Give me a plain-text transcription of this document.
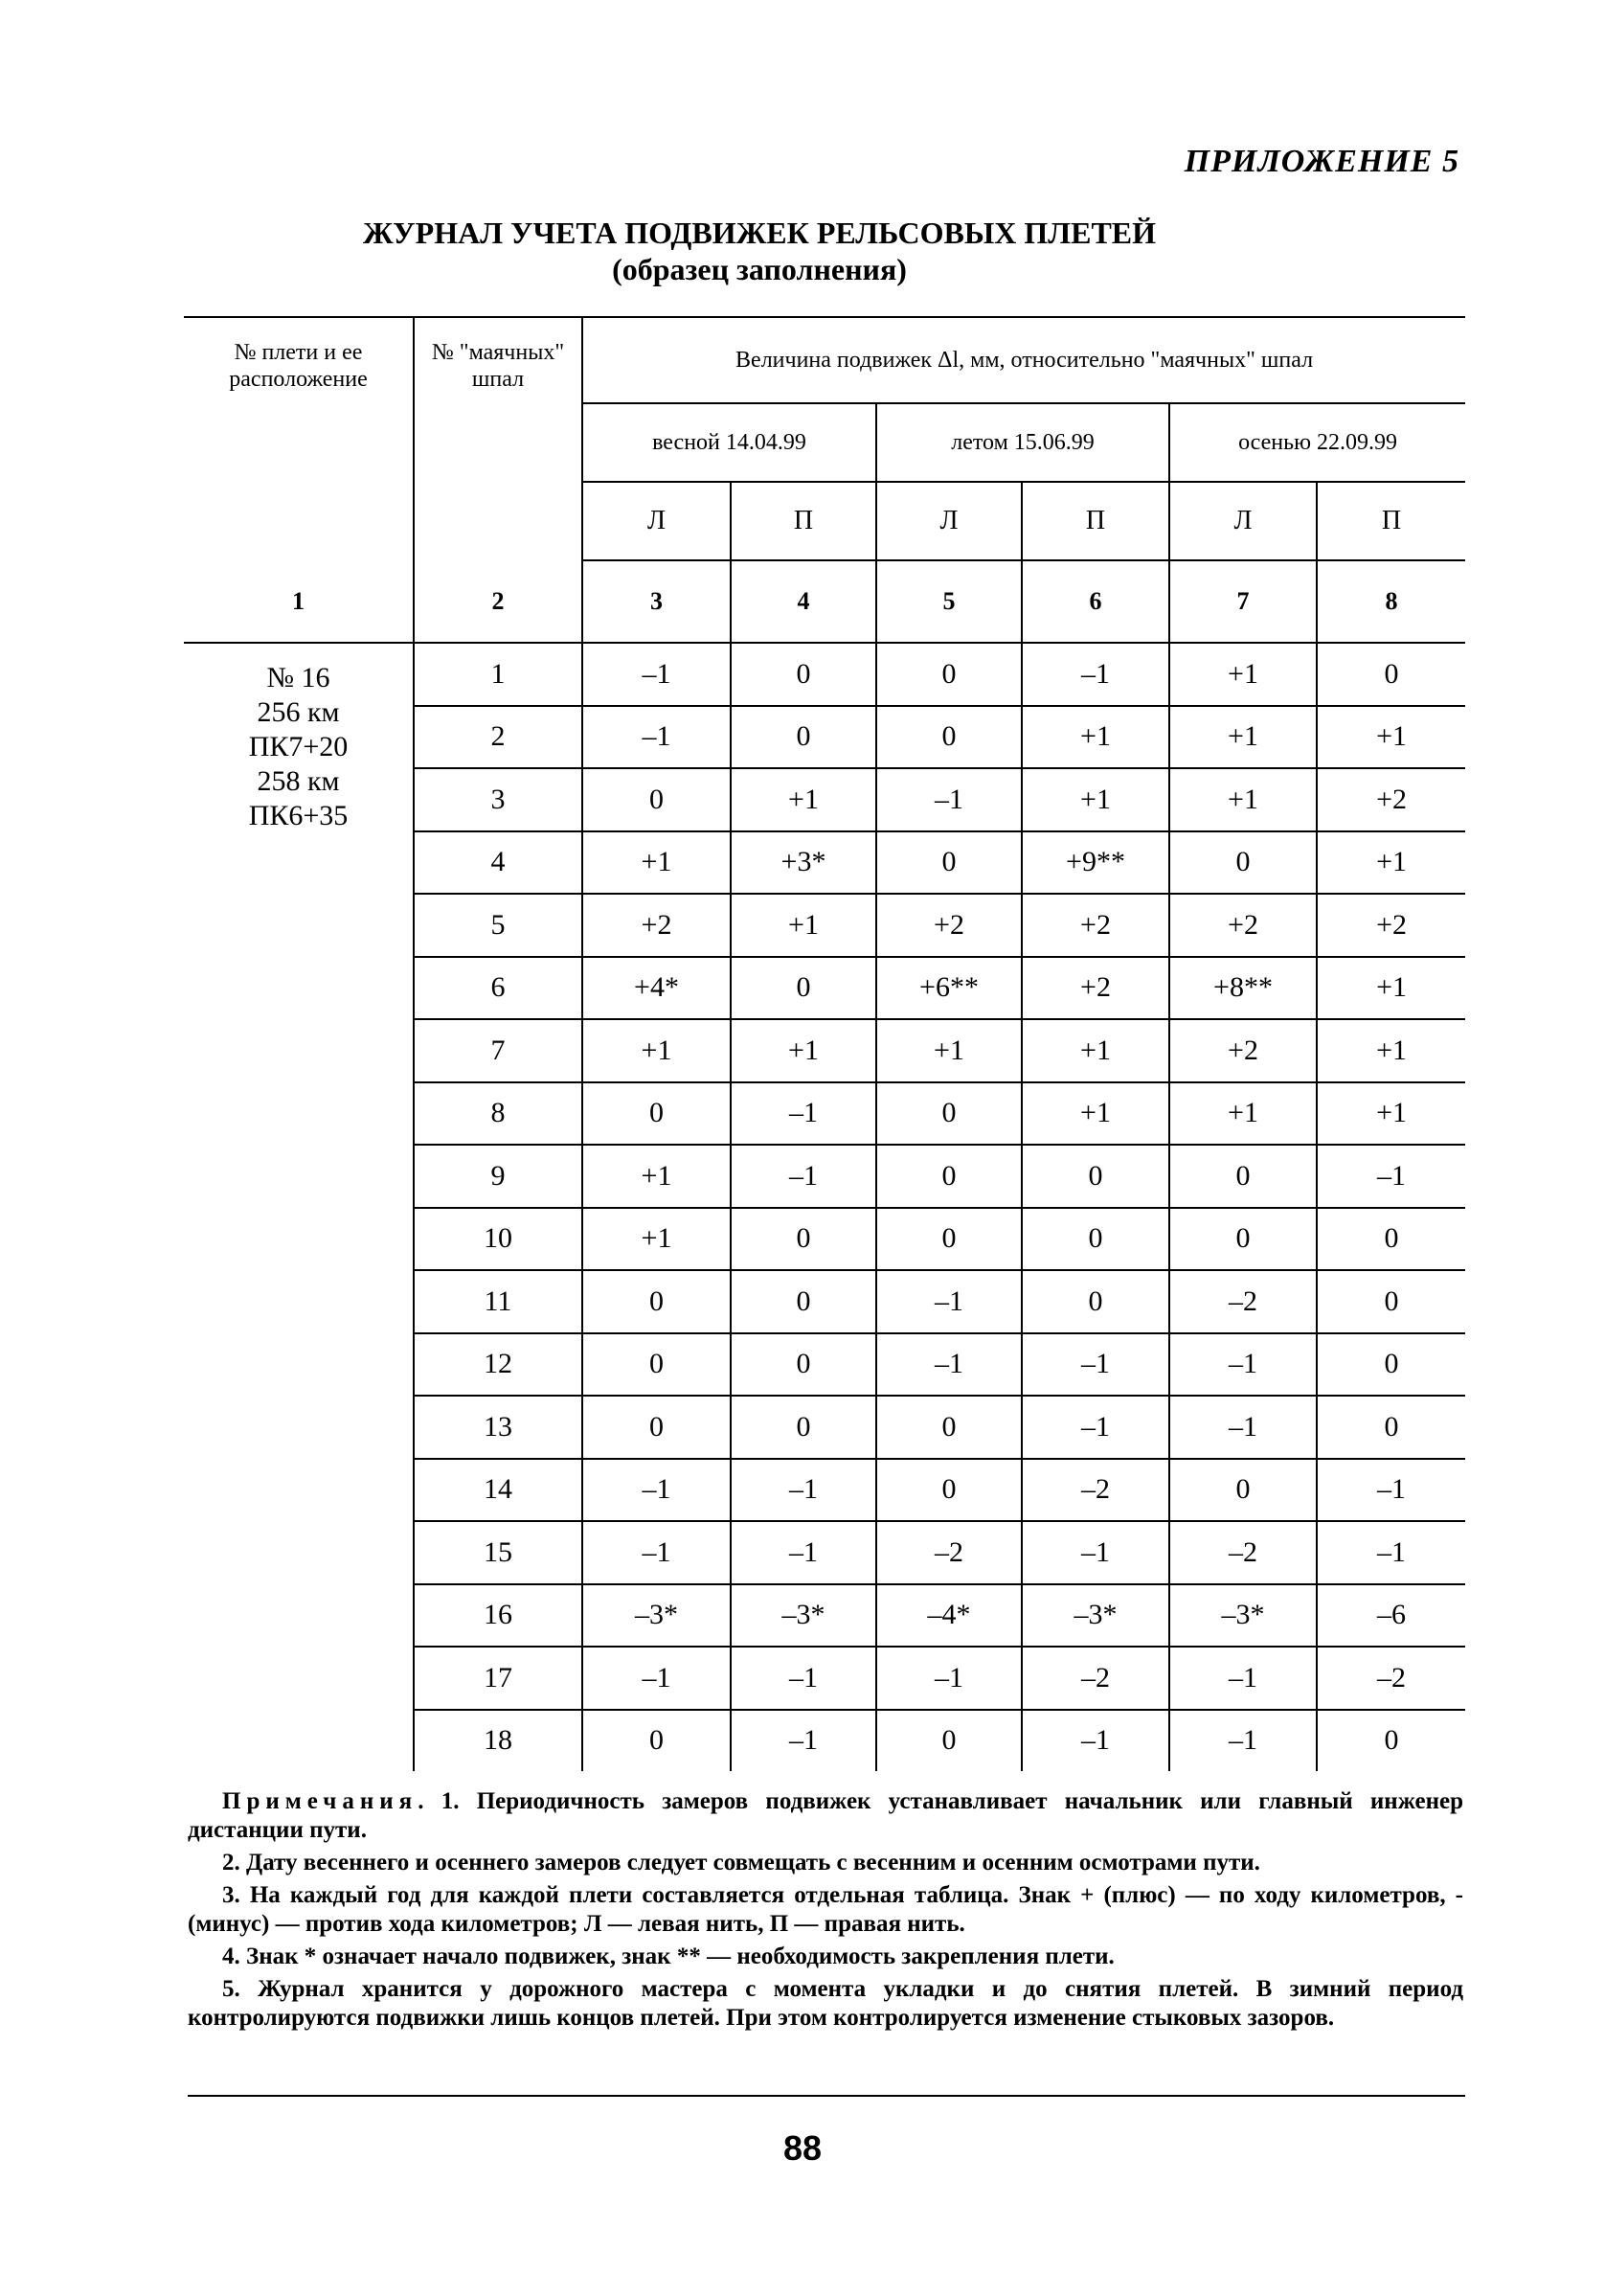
ПРИЛОЖЕНИЕ 5
ЖУРНАЛ УЧЕТА ПОДВИЖЕК РЕЛЬСОВЫХ ПЛЕТЕЙ
(образец заполнения)
№ плети и ее расположение	№ "маячных" шпал	Величина подвижек Δl, мм, относительно "маячных" шпал					
		весной 14.04.99		летом 15.06.99		осенью 22.09.99	
		Л	П	Л	П	Л	П
1	2	3	4	5	6	7	8

№ 16
256 км
ПК7+20
258 км
ПК6+35	1	–1	0	0	–1	+1	0
	2	–1	0	0	+1	+1	+1
	3	0	+1	–1	+1	+1	+2
	4	+1	+3*	0	+9**	0	+1
	5	+2	+1	+2	+2	+2	+2
	6	+4*	0	+6**	+2	+8**	+1
	7	+1	+1	+1	+1	+2	+1
	8	0	–1	0	+1	+1	+1
	9	+1	–1	0	0	0	–1
	10	+1	0	0	0	0	0
	11	0	0	–1	0	–2	0
	12	0	0	–1	–1	–1	0
	13	0	0	0	–1	–1	0
	14	–1	–1	0	–2	0	–1
	15	–1	–1	–2	–1	–2	–1
	16	–3*	–3*	–4*	–3*	–3*	–6
	17	–1	–1	–1	–2	–1	–2
	18	0	–1	0	–1	–1	0

Примечания. 1. Периодичность замеров подвижек устанавливает начальник или главный инженер дистанции пути.

2. Дату весеннего и осеннего замеров следует совмещать с весенним и осенним осмотрами пути.

3. На каждый год для каждой плети составляется отдельная таблица. Знак + (плюс) — по ходу километров, - (минус) — против хода километров; Л — левая нить, П — правая нить.

4. Знак * означает начало подвижек, знак ** — необходимость закрепления плети.

5. Журнал хранится у дорожного мастера с момента укладки и до снятия плетей. В зимний период контролируются подвижки лишь концов плетей. При этом контролируется изменение стыковых зазоров.

88
